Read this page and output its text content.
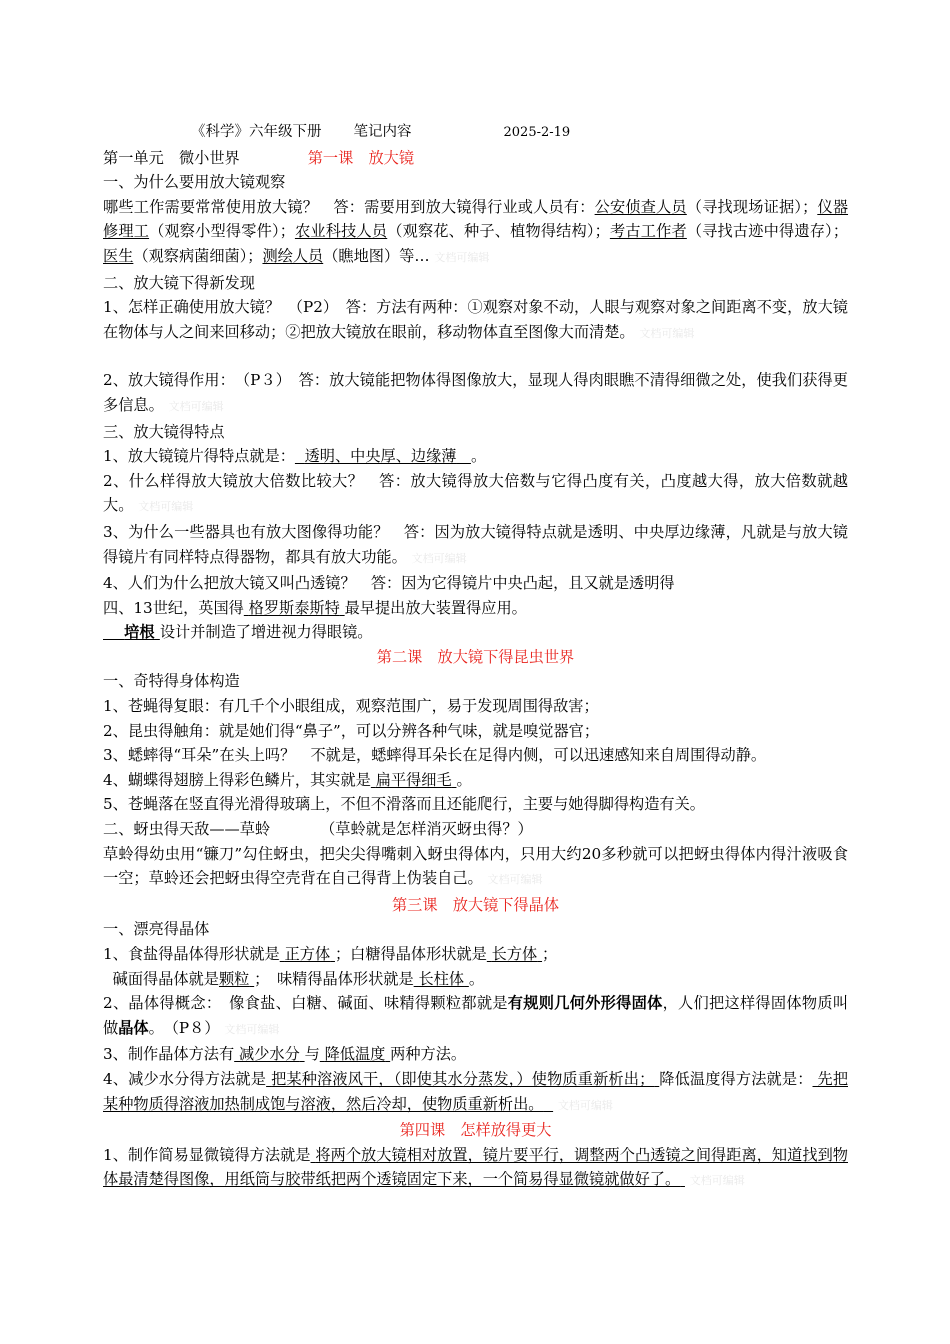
《科学》六年级下册 笔记内容	2025-2-19
第一单元　微小世界	第一课　放大镜
一、为什么要用放大镜观察
哪些工作需要常常使用放大镜？　答：需要用到放大镜得行业或人员有：公安侦查人员（寻找现场证据）；仪器修理工（观察小型得零件）；农业科技人员（观察花、种子、植物得结构）；考古工作者（寻找古迹中得遗存）；医生（观察病菌细菌）；测绘人员（瞧地图）等… 文档可编辑
二、放大镜下得新发现
1、怎样正确使用放大镜？　（P2）　答：方法有两种：①观察对象不动，人眼与观察对象之间距离不变，放大镜在物体与人之间来回移动；②把放大镜放在眼前，移动物体直至图像大而清楚。 文档可编辑
2、放大镜得作用：　（P３）　答：放大镜能把物体得图像放大，显现人得肉眼瞧不清得细微之处，使我们获得更多信息。 文档可编辑
三、放大镜得特点
1、放大镜镜片得特点就是： 透明、中央厚、边缘薄 。
2、什么样得放大镜放大倍数比较大？　答：放大镜得放大倍数与它得凸度有关，凸度越大得，放大倍数就越大。 文档可编辑
3、为什么一些器具也有放大图像得功能？　答：因为放大镜得特点就是透明、中央厚边缘薄，凡就是与放大镜得镜片有同样特点得器物，都具有放大功能。 文档可编辑
4、人们为什么把放大镜又叫凸透镜？　答：因为它得镜片中央凸起，且又就是透明得
四、13世纪，英国得 格罗斯泰斯特 最早提出放大装置得应用。
培根 设计并制造了增进视力得眼镜。
第二课　放大镜下得昆虫世界
一、奇特得身体构造
1、苍蝇得复眼：有几千个小眼组成，观察范围广，易于发现周围得敌害；
2、昆虫得触角：就是她们得“鼻子”，可以分辨各种气味，就是嗅觉器官；
3、蟋蟀得“耳朵”在头上吗？　不就是，蟋蟀得耳朵长在足得内侧，可以迅速感知来自周围得动静。
4、蝴蝶得翅膀上得彩色鳞片，其实就是 扁平得细毛 。
5、苍蝇落在竖直得光滑得玻璃上，不但不滑落而且还能爬行，主要与她得脚得构造有关。
二、蚜虫得天敌——草蛉	（草蛉就是怎样消灭蚜虫得？）
草蛉得幼虫用“镰刀”勾住蚜虫，把尖尖得嘴刺入蚜虫得体内，只用大约20多秒就可以把蚜虫得体内得汁液吸食一空；草蛉还会把蚜虫得空壳背在自己得背上伪装自己。 文档可编辑
第三课　放大镜下得晶体
一、漂亮得晶体
1、食盐得晶体得形状就是 正方体 ；白糖得晶体形状就是 长方体 ；
碱面得晶体就是颗粒 ；　味精得晶体形状就是 长柱体 。
2、晶体得概念：　像食盐、白糖、碱面、味精得颗粒都就是有规则几何外形得固体，人们把这样得固体物质叫做晶体。　（P８） 文档可编辑
3、制作晶体方法有 减少水分 与 降低温度 两种方法。
4、减少水分得方法就是 把某种溶液风干，（即使其水分蒸发，）使物质重新析出； 降低温度得方法就是： 先把某种物质得溶液加热制成饱与溶液，然后冷却，使物质重新析出。 文档可编辑
第四课　怎样放得更大
1、制作简易显微镜得方法就是 将两个放大镜相对放置，镜片要平行，调整两个凸透镜之间得距离，知道找到物体最清楚得图像，用纸筒与胶带纸把两个透镜固定下来，一个简易得显微镜就做好了。 文档可编辑
